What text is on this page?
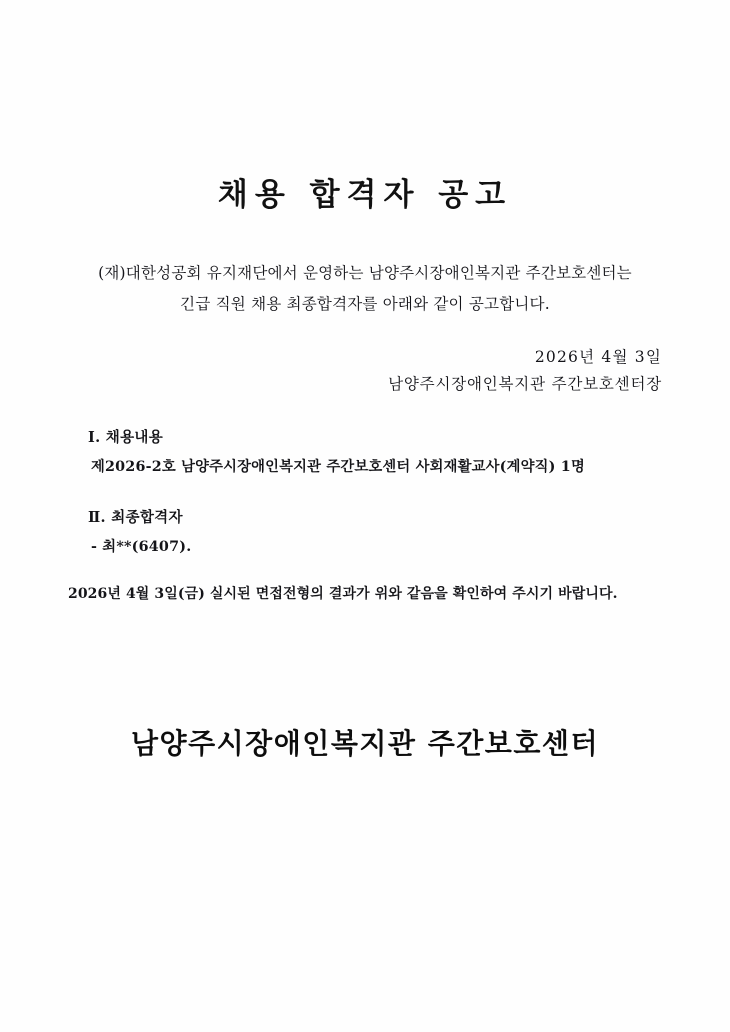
채용 합격자 공고
(재)대한성공회 유지재단에서 운영하는 남양주시장애인복지관 주간보호센터는
긴급 직원 채용 최종합격자를 아래와 같이 공고합니다.
2026년 4월 3일
남양주시장애인복지관 주간보호센터장
Ⅰ. 채용내용
제2026-2호 남양주시장애인복지관 주간보호센터 사회재활교사(계약직) 1명
Ⅱ. 최종합격자
- 최**(6407).
2026년 4월 3일(금) 실시된 면접전형의 결과가 위와 같음을 확인하여 주시기 바랍니다.
남양주시장애인복지관 주간보호센터
